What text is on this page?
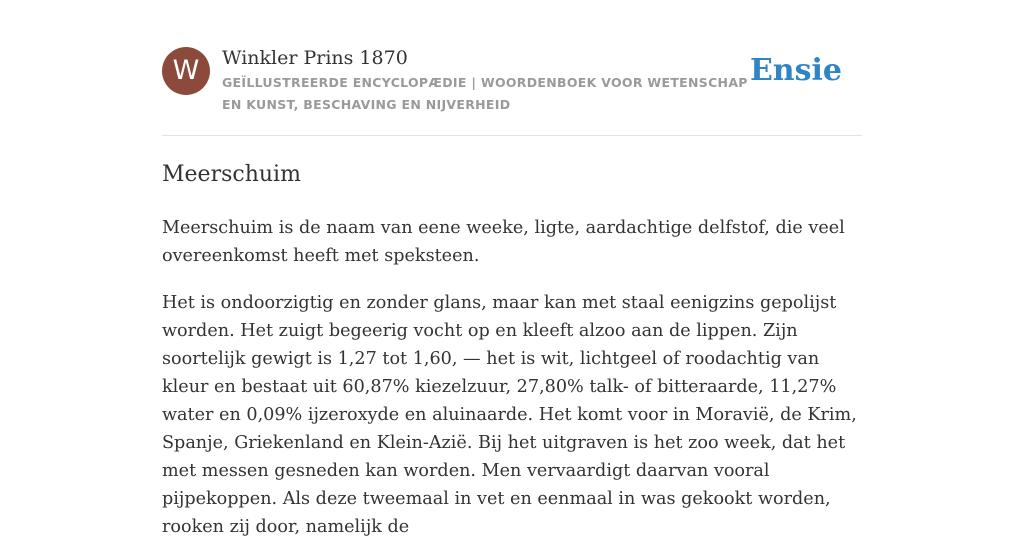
W	Winkler Prins 1870
GEÏLLUSTREERDE ENCYCLOPÆDIE | WOORDENBOEK VOOR WETENSCHAP EN KUNST, BESCHAVING EN NIJVERHEID
Ensie
Meerschuim

Meerschuim is de naam van eene weeke, ligte, aardachtige delfstof, die veel overeenkomst heeft met speksteen.

Het is ondoorzigtig en zonder glans, maar kan met staal eenigzins gepolijst worden. Het zuigt begeerig vocht op en kleeft alzoo aan de lippen. Zijn soortelijk gewigt is 1,27 tot 1,60, — het is wit, lichtgeel of roodachtig van kleur en bestaat uit 60,87% kiezelzuur, 27,80% talk- of bitteraarde, 11,27% water en 0,09% ijzeroxyde en aluinaarde. Het komt voor in Moravië, de Krim, Spanje, Griekenland en Klein-Azië. Bij het uitgraven is het zoo week, dat het met messen gesneden kan worden. Men vervaardigt daarvan vooral pijpekoppen. Als deze tweemaal in vet en eenmaal in was gekookt worden, rooken zij door, namelijk de
